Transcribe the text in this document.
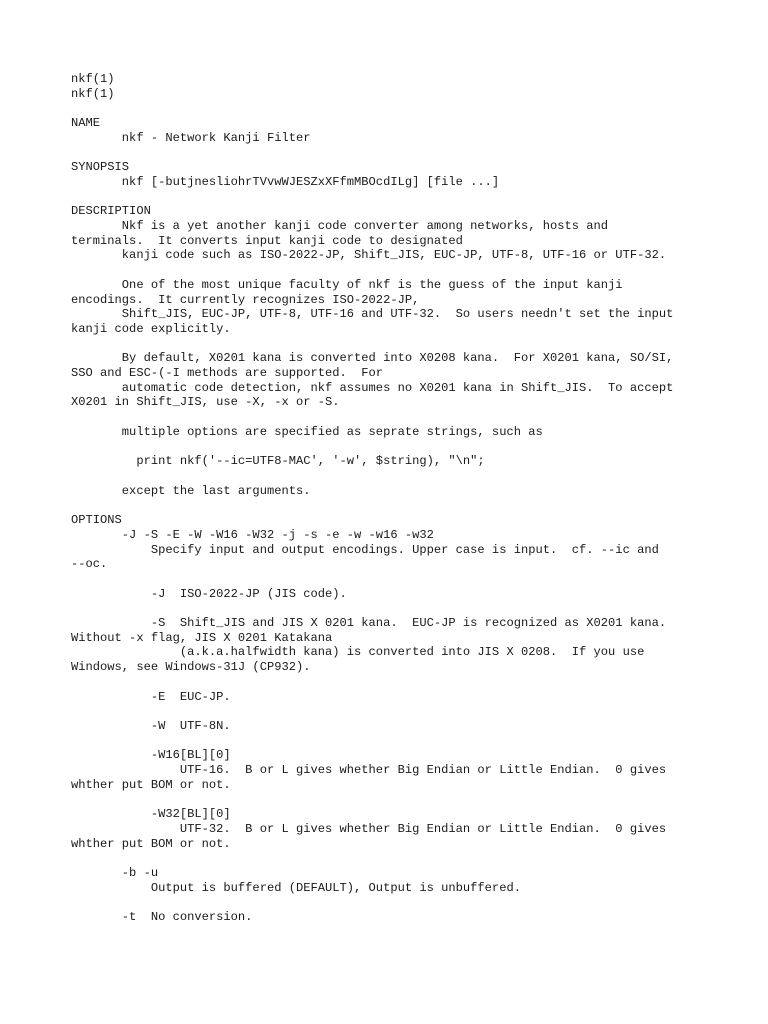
nkf(1)
nkf(1)

NAME
nkf - Network Kanji Filter

SYNOPSIS
nkf [-butjnesliohrTVvwWJESZxXFfmMBOcdILg] [file ...]

DESCRIPTION
Nkf is a yet another kanji code converter among networks, hosts and
terminals.  It converts input kanji code to designated
kanji code such as ISO-2022-JP, Shift_JIS, EUC-JP, UTF-8, UTF-16 or UTF-32.

One of the most unique faculty of nkf is the guess of the input kanji
encodings.  It currently recognizes ISO-2022-JP,
Shift_JIS, EUC-JP, UTF-8, UTF-16 and UTF-32.  So users needn't set the input
kanji code explicitly.

By default, X0201 kana is converted into X0208 kana.  For X0201 kana, SO/SI,
SSO and ESC-(-I methods are supported.  For
automatic code detection, nkf assumes no X0201 kana in Shift_JIS.  To accept
X0201 in Shift_JIS, use -X, -x or -S.

multiple options are specified as seprate strings, such as

print nkf('--ic=UTF8-MAC', '-w', $string), "\n";

except the last arguments.

OPTIONS
-J -S -E -W -W16 -W32 -j -s -e -w -w16 -w32
Specify input and output encodings. Upper case is input.  cf. --ic and
--oc.

-J  ISO-2022-JP (JIS code).

-S  Shift_JIS and JIS X 0201 kana.  EUC-JP is recognized as X0201 kana.
Without -x flag, JIS X 0201 Katakana
(a.k.a.halfwidth kana) is converted into JIS X 0208.  If you use
Windows, see Windows-31J (CP932).

-E  EUC-JP.

-W  UTF-8N.

-W16[BL][0]
UTF-16.  B or L gives whether Big Endian or Little Endian.  0 gives
whther put BOM or not.

-W32[BL][0]
UTF-32.  B or L gives whether Big Endian or Little Endian.  0 gives
whther put BOM or not.

-b -u
Output is buffered (DEFAULT), Output is unbuffered.

-t  No conversion.
